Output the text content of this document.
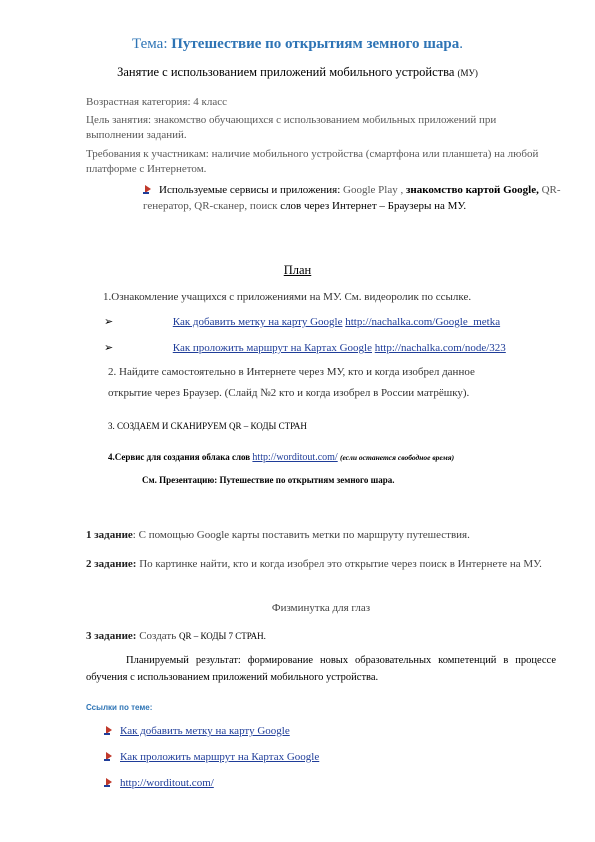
Тема: Путешествие по открытиям земного шара.
Занятие с использованием приложений мобильного устройства (МУ)
Возрастная категория: 4 класс
Цель занятия: знакомство обучающихся с использованием мобильных приложений при выполнении заданий.
Требования к участникам: наличие мобильного устройства (смартфона или планшета) на любой платформе с Интернетом.
Используемые сервисы и приложения: Google Play , знакомство картой Google, QR-генератор, QR-сканер, поиск слов через Интернет – Браузеры на МУ.
План
1.Ознакомление учащихся с приложениями на МУ. См. видеоролик по ссылке.
➢	Как добавить метку на карту Google http://nachalka.com/Google_metka
➢	Как проложить маршрут на Картах Google http://nachalka.com/node/323
2. Найдите самостоятельно в Интернете через МУ, кто и когда изобрел данное
открытие через Браузер. (Слайд №2 кто и когда изобрел в России матрёшку).
3. СОЗДАЕМ И СКАНИРУЕМ QR – КОДЫ СТРАН
4.Сервис для создания облака слов http://worditout.com/ (если останется свободное время)
См. Презентацию: Путешествие по открытиям земного шара.
1 задание: С помощью Google карты поставить метки по маршруту путешествия.
2 задание: По картинке найти, кто и когда изобрел это открытие через поиск в Интернете на МУ.
Физминутка для глаз
3 задание: Создать QR – КОДЫ 7 СТРАН.
Планируемый результат: формирование новых образовательных компетенций в процессе обучения с использованием приложений мобильного устройства.
Ссылки по теме:
Как добавить метку на карту Google
Как проложить маршрут на Картах Google
http://worditout.com/
